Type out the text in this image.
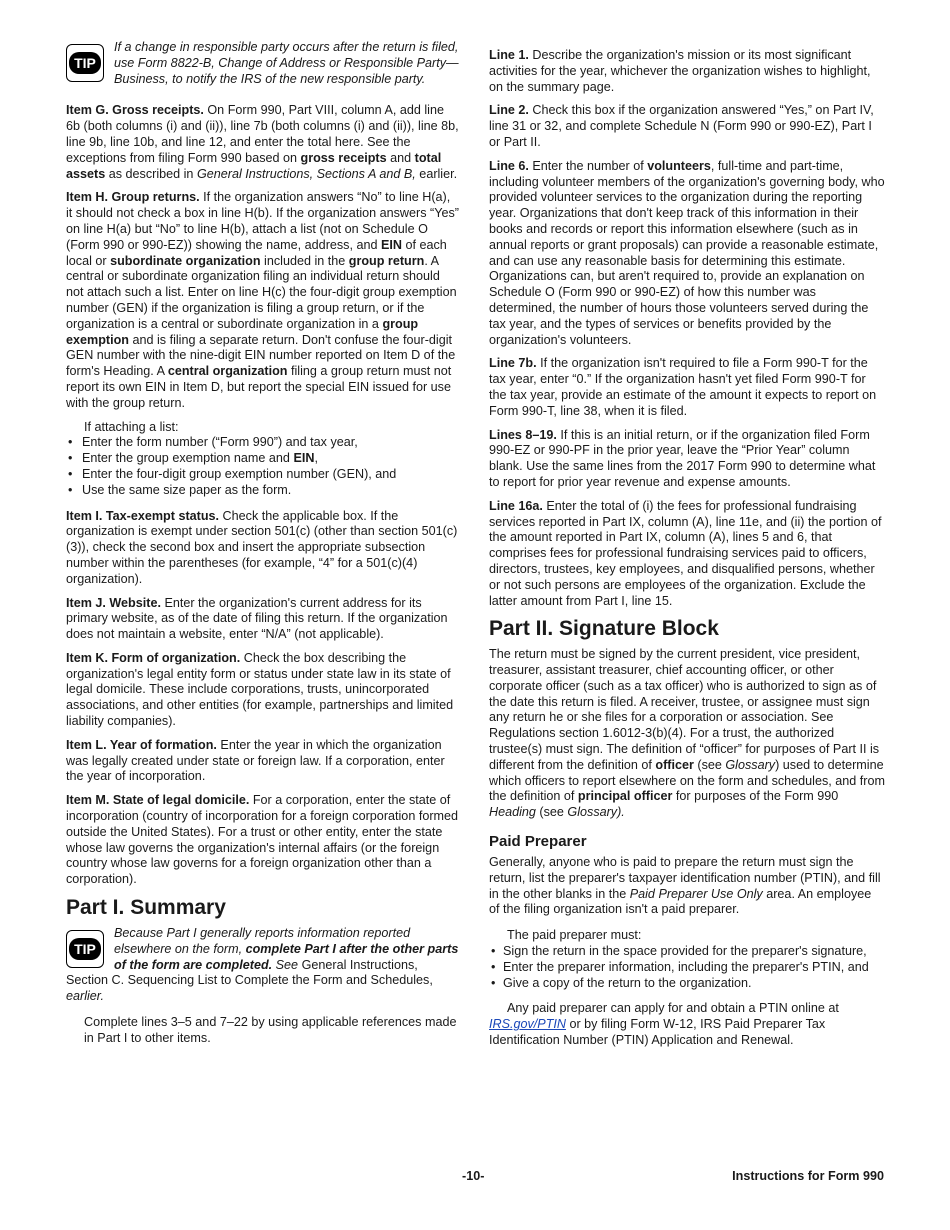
TIP
If a change in responsible party occurs after the return is filed, use Form 8822-B, Change of Address or Responsible Party—Business, to notify the IRS of the new responsible party.

Item G. Gross receipts. On Form 990, Part VIII, column A, add line 6b (both columns (i) and (ii)), line 7b (both columns (i) and (ii)), line 8b, line 9b, line 10b, and line 12, and enter the total here. See the exceptions from filing Form 990 based on gross receipts and total assets as described in General Instructions, Sections A and B, earlier.

Item H. Group returns. If the organization answers “No” to line H(a), it should not check a box in line H(b). If the organization answers “Yes” on line H(a) but “No” to line H(b), attach a list (not on Schedule O (Form 990 or 990-EZ)) showing the name, address, and EIN of each local or subordinate organization included in the group return. A central or subordinate organization filing an individual return should not attach such a list. Enter on line H(c) the four-digit group exemption number (GEN) if the organization is filing a group return, or if the organization is a central or subordinate organization in a group exemption and is filing a separate return. Don't confuse the four-digit GEN number with the nine-digit EIN number reported on Item D of the form's Heading. A central organization filing a group return must not report its own EIN in Item D, but report the special EIN issued for use with the group return.

If attaching a list:
• Enter the form number (“Form 990”) and tax year,
• Enter the group exemption name and EIN,
• Enter the four-digit group exemption number (GEN), and
• Use the same size paper as the form.

Item I. Tax-exempt status. Check the applicable box. If the organization is exempt under section 501(c) (other than section 501(c)(3)), check the second box and insert the appropriate subsection number within the parentheses (for example, “4” for a 501(c)(4) organization).

Item J. Website. Enter the organization's current address for its primary website, as of the date of filing this return. If the organization does not maintain a website, enter “N/A” (not applicable).

Item K. Form of organization. Check the box describing the organization's legal entity form or status under state law in its state of legal domicile. These include corporations, trusts, unincorporated associations, and other entities (for example, partnerships and limited liability companies).

Item L. Year of formation. Enter the year in which the organization was legally created under state or foreign law. If a corporation, enter the year of incorporation.

Item M. State of legal domicile. For a corporation, enter the state of incorporation (country of incorporation for a foreign corporation formed outside the United States). For a trust or other entity, enter the state whose law governs the organization's internal affairs (or the foreign country whose law governs for a foreign organization other than a corporation).

Part I. Summary
TIP
Because Part I generally reports information reported elsewhere on the form, complete Part I after the other parts of the form are completed. See General Instructions, Section C. Sequencing List to Complete the Form and Schedules, earlier.

Complete lines 3–5 and 7–22 by using applicable references made in Part I to other items.

Line 1. Describe the organization's mission or its most significant activities for the year, whichever the organization wishes to highlight, on the summary page.

Line 2. Check this box if the organization answered “Yes,” on Part IV, line 31 or 32, and complete Schedule N (Form 990 or 990-EZ), Part I or Part II.

Line 6. Enter the number of volunteers, full-time and part-time, including volunteer members of the organization's governing body, who provided volunteer services to the organization during the reporting year. Organizations that don't keep track of this information in their books and records or report this information elsewhere (such as in annual reports or grant proposals) can provide a reasonable estimate, and can use any reasonable basis for determining this estimate. Organizations can, but aren't required to, provide an explanation on Schedule O (Form 990 or 990-EZ) of how this number was determined, the number of hours those volunteers served during the tax year, and the types of services or benefits provided by the organization's volunteers.

Line 7b. If the organization isn't required to file a Form 990-T for the tax year, enter “0.” If the organization hasn't yet filed Form 990-T for the tax year, provide an estimate of the amount it expects to report on Form 990-T, line 38, when it is filed.

Lines 8–19. If this is an initial return, or if the organization filed Form 990-EZ or 990-PF in the prior year, leave the “Prior Year” column blank. Use the same lines from the 2017 Form 990 to determine what to report for prior year revenue and expense amounts.

Line 16a. Enter the total of (i) the fees for professional fundraising services reported in Part IX, column (A), line 11e, and (ii) the portion of the amount reported in Part IX, column (A), lines 5 and 6, that comprises fees for professional fundraising services paid to officers, directors, trustees, key employees, and disqualified persons, whether or not such persons are employees of the organization. Exclude the latter amount from Part I, line 15.

Part II. Signature Block

The return must be signed by the current president, vice president, treasurer, assistant treasurer, chief accounting officer, or other corporate officer (such as a tax officer) who is authorized to sign as of the date this return is filed. A receiver, trustee, or assignee must sign any return he or she files for a corporation or association. See Regulations section 1.6012-3(b)(4). For a trust, the authorized trustee(s) must sign. The definition of “officer” for purposes of Part II is different from the definition of officer (see Glossary) used to determine which officers to report elsewhere on the form and schedules, and from the definition of principal officer for purposes of the Form 990 Heading (see Glossary).

Paid Preparer

Generally, anyone who is paid to prepare the return must sign the return, list the preparer's taxpayer identification number (PTIN), and fill in the other blanks in the Paid Preparer Use Only area. An employee of the filing organization isn't a paid preparer.

The paid preparer must:
• Sign the return in the space provided for the preparer's signature,
• Enter the preparer information, including the preparer's PTIN, and
• Give a copy of the return to the organization.

Any paid preparer can apply for and obtain a PTIN online at IRS.gov/PTIN or by filing Form W-12, IRS Paid Preparer Tax Identification Number (PTIN) Application and Renewal.

-10-	Instructions for Form 990
